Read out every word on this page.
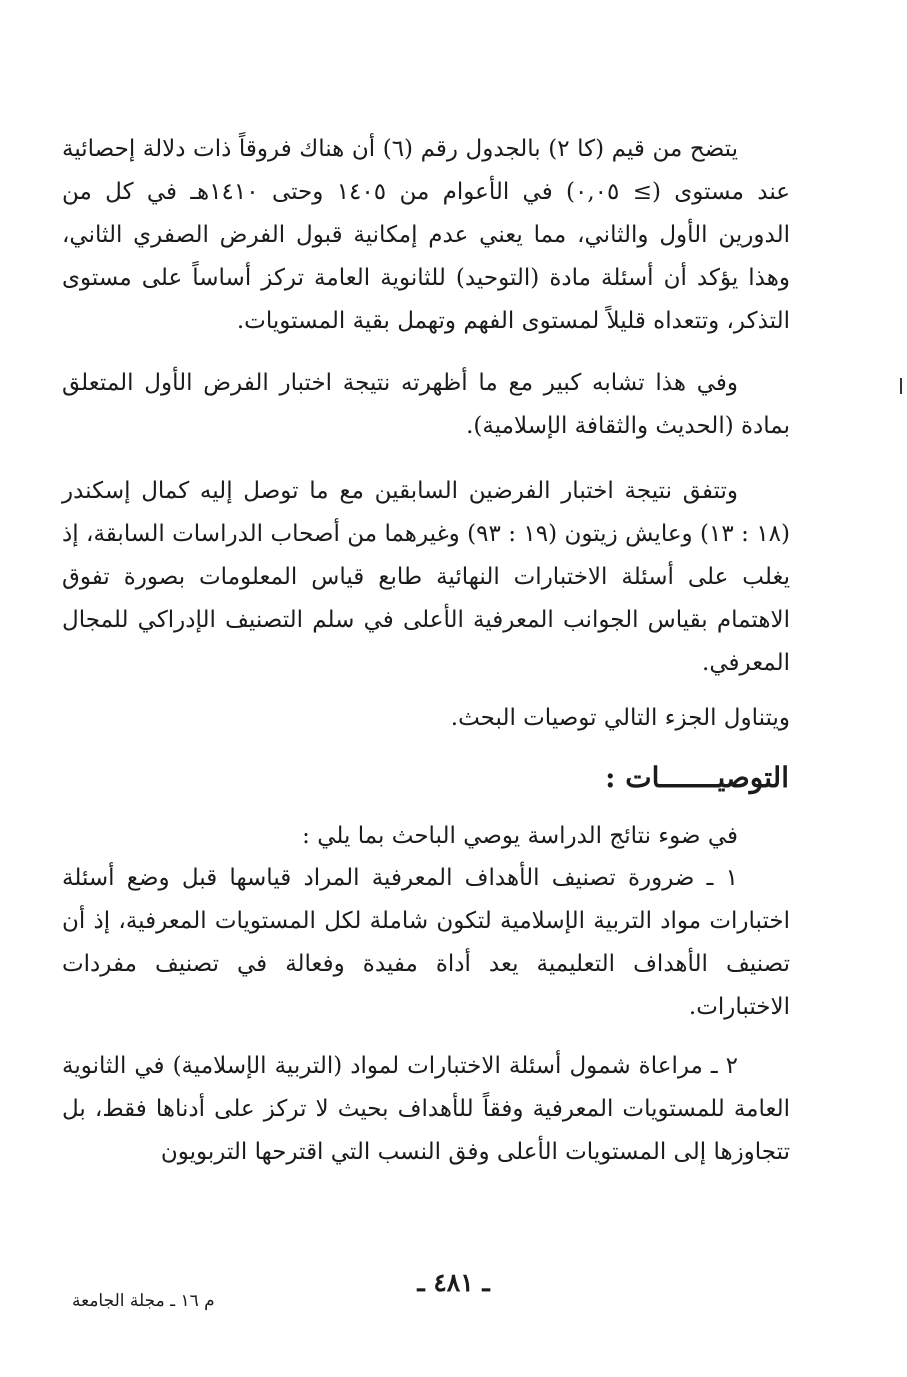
يتضح من قيم (كا ٢) بالجدول رقم (٦) أن هناك فروقاً ذات دلالة إحصائية عند مستوى (≥ ٠,٠٥) في الأعوام من ١٤٠٥ وحتى ١٤١٠هـ في كل من الدورين الأول والثاني، مما يعني عدم إمكانية قبول الفرض الصفري الثاني، وهذا يؤكد أن أسئلة مادة (التوحيد) للثانوية العامة تركز أساساً على مستوى التذكر، وتتعداه قليلاً لمستوى الفهم وتهمل بقية المستويات.
وفي هذا تشابه كبير مع ما أظهرته نتيجة اختبار الفرض الأول المتعلق بمادة (الحديث والثقافة الإسلامية).
وتتفق نتيجة اختبار الفرضين السابقين مع ما توصل إليه كمال إسكندر (١٨ : ١٣) وعايش زيتون (١٩ : ٩٣) وغيرهما من أصحاب الدراسات السابقة، إذ يغلب على أسئلة الاختبارات النهائية طابع قياس المعلومات بصورة تفوق الاهتمام بقياس الجوانب المعرفية الأعلى في سلم التصنيف الإدراكي للمجال المعرفي.
ويتناول الجزء التالي توصيات البحث.
التوصيـــــــات :
في ضوء نتائج الدراسة يوصي الباحث بما يلي :
١ ـ ضرورة تصنيف الأهداف المعرفية المراد قياسها قبل وضع أسئلة اختبارات مواد التربية الإسلامية لتكون شاملة لكل المستويات المعرفية، إذ أن تصنيف الأهداف التعليمية يعد أداة مفيدة وفعالة في تصنيف مفردات الاختبارات.
٢ ـ مراعاة شمول أسئلة الاختبارات لمواد (التربية الإسلامية) في الثانوية العامة للمستويات المعرفية وفقاً للأهداف بحيث لا تركز على أدناها فقط، بل تتجاوزها إلى المستويات الأعلى وفق النسب التي اقترحها التربويون
ـ ٤٨١ ـ
م ١٦ ـ مجلة الجامعة
